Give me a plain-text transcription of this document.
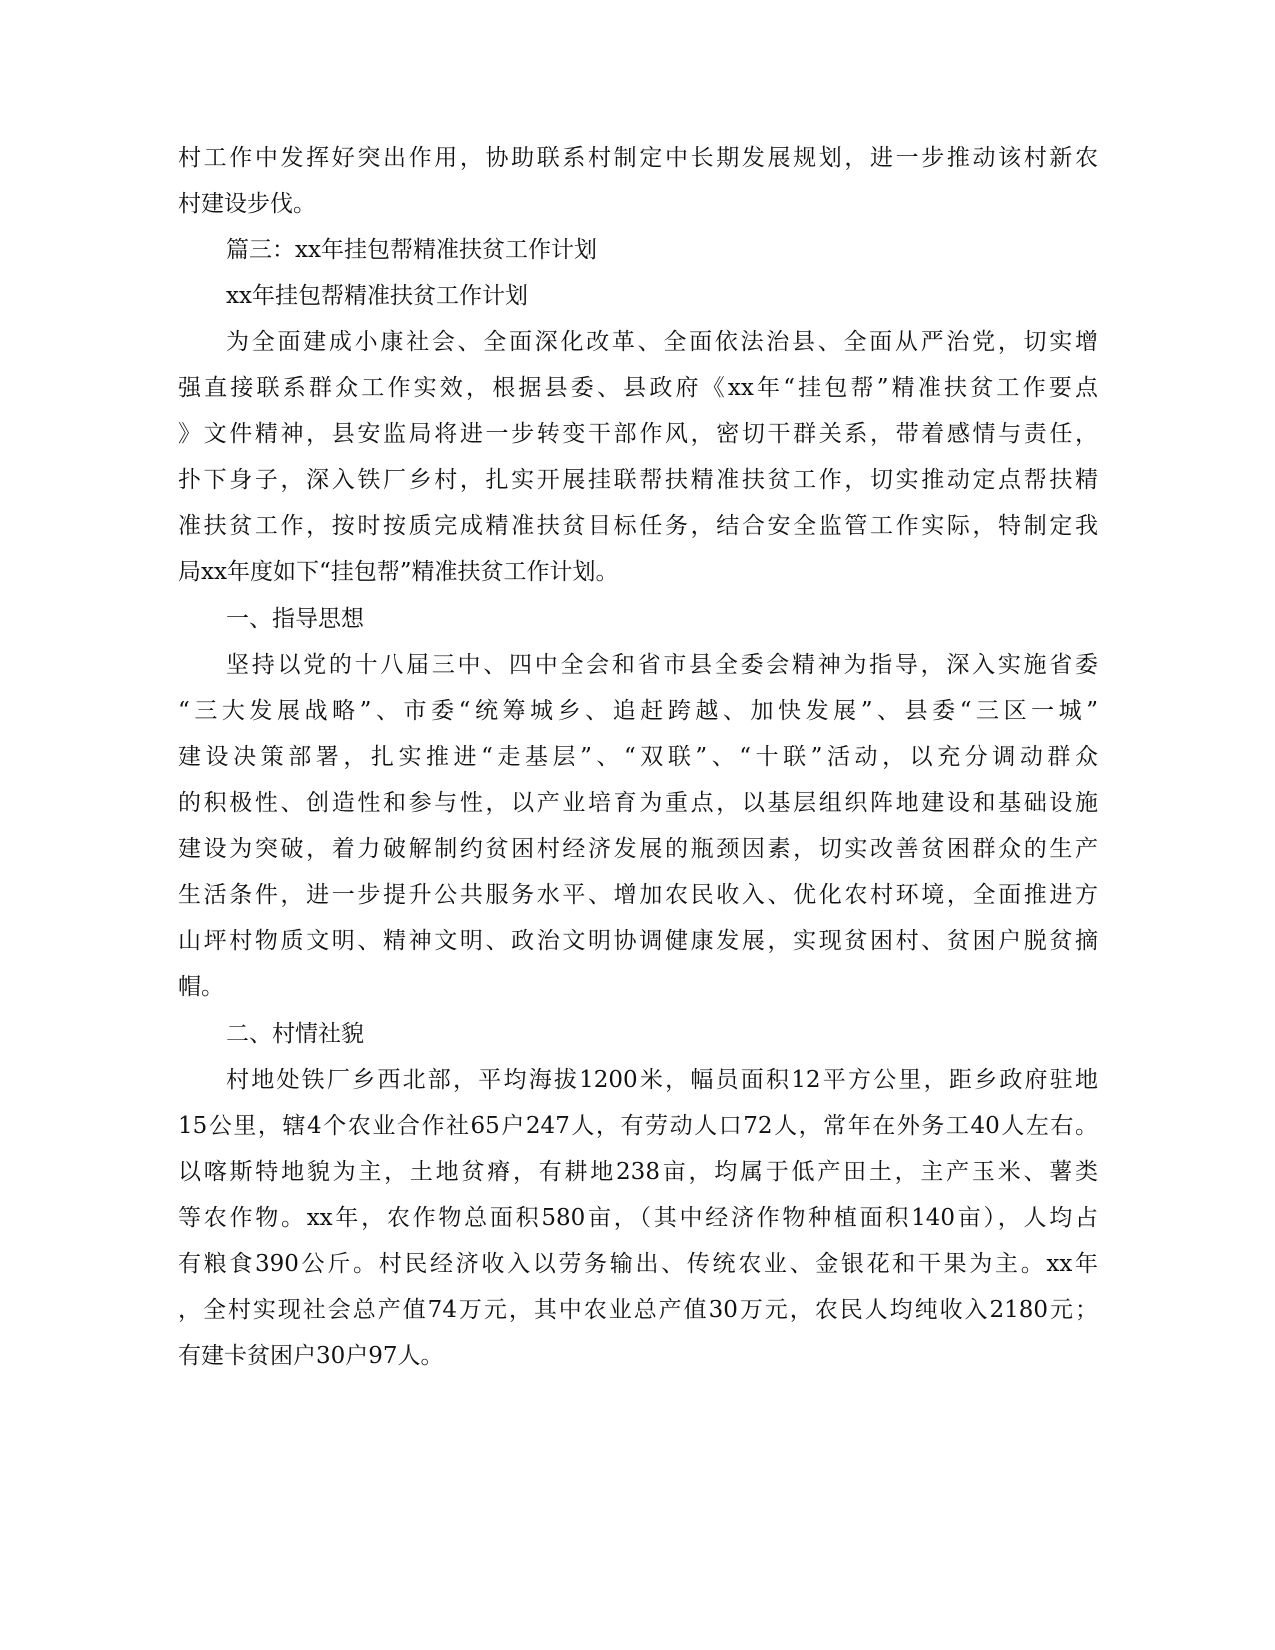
村工作中发挥好突出作用，协助联系村制定中长期发展规划，进一步推动该村新农
村建设步伐。
篇三：xx年挂包帮精准扶贫工作计划
xx年挂包帮精准扶贫工作计划
为全面建成小康社会、全面深化改革、全面依法治县、全面从严治党，切实增
强直接联系群众工作实效，根据县委、县政府《xx年“挂包帮”精准扶贫工作要点
》文件精神，县安监局将进一步转变干部作风，密切干群关系，带着感情与责任，
扑下身子，深入铁厂乡村，扎实开展挂联帮扶精准扶贫工作，切实推动定点帮扶精
准扶贫工作，按时按质完成精准扶贫目标任务，结合安全监管工作实际，特制定我
局xx年度如下“挂包帮”精准扶贫工作计划。
一、指导思想
坚持以党的十八届三中、四中全会和省市县全委会精神为指导，深入实施省委
“三大发展战略”、市委“统筹城乡、追赶跨越、加快发展”、县委“三区一城”
建设决策部署，扎实推进“走基层”、“双联”、“十联”活动，以充分调动群众
的积极性、创造性和参与性，以产业培育为重点，以基层组织阵地建设和基础设施
建设为突破，着力破解制约贫困村经济发展的瓶颈因素，切实改善贫困群众的生产
生活条件，进一步提升公共服务水平、增加农民收入、优化农村环境，全面推进方
山坪村物质文明、精神文明、政治文明协调健康发展，实现贫困村、贫困户脱贫摘
帽。
二、村情社貌
村地处铁厂乡西北部，平均海拔1200米，幅员面积12平方公里，距乡政府驻地
15公里，辖4个农业合作社65户247人，有劳动人口72人，常年在外务工40人左右。
以喀斯特地貌为主，土地贫瘠，有耕地238亩，均属于低产田土，主产玉米、薯类
等农作物。xx年，农作物总面积580亩，（其中经济作物种植面积140亩），人均占
有粮食390公斤。村民经济收入以劳务输出、传统农业、金银花和干果为主。xx年
，全村实现社会总产值74万元，其中农业总产值30万元，农民人均纯收入2180元；
有建卡贫困户30户97人。
